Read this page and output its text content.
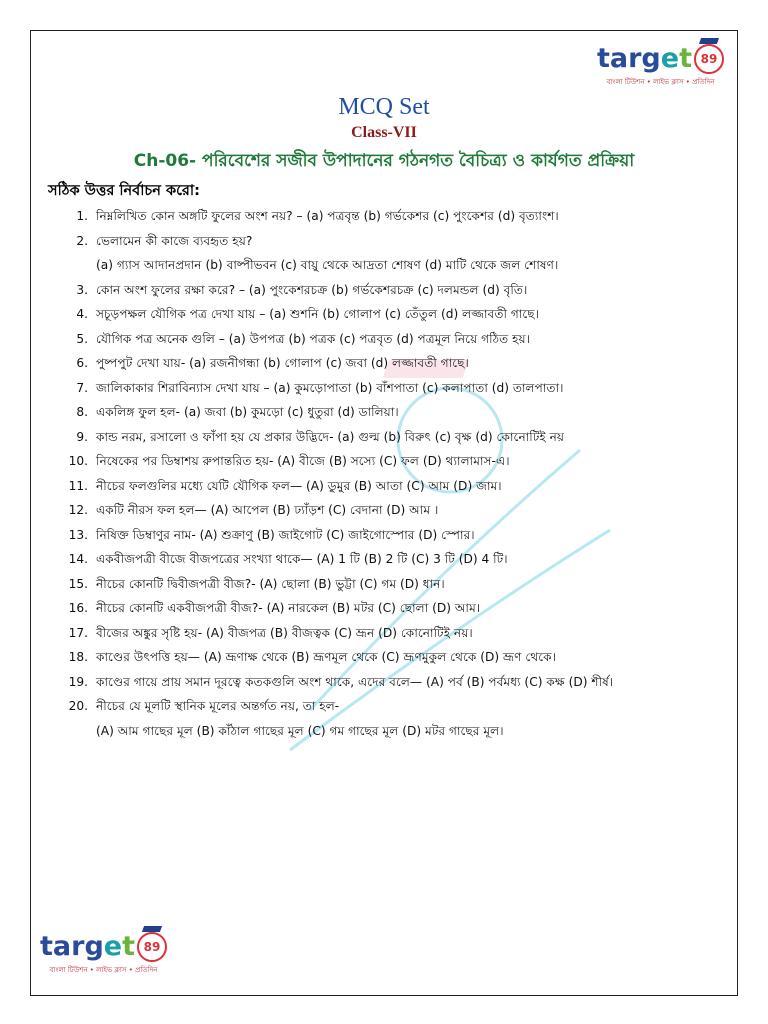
targ e t 89
বাংলা টিউশন • লাইভ ক্লাস • প্রতিদিন
MCQ Set
Class-VII
Ch-06- পরিবেশের সজীব উপাদানের গঠনগত বৈচিত্র্য ও কার্যগত প্রক্রিয়া
সঠিক উত্তর নির্বাচন করো:
1. নিম্নলিখিত কোন অঙ্গটি ফুলের অংশ নয়? – (a) পত্রবৃন্ত (b) গর্ভকেশর (c) পুংকেশর (d) বৃত্যাংশ।
2. ভেলামেন কী কাজে ব্যবহৃত হয়?
(a) গ্যাস আদানপ্রদান (b) বাষ্পীভবন (c) বায়ু থেকে আদ্রতা শোষণ (d) মাটি থেকে জল শোষণ।
3. কোন অংশ ফুলের রক্ষা করে? – (a) পুংকেশরচক্র (b) গর্ভকেশরচক্র (c) দলমন্ডল (d) বৃতি।
4. সচূড়পক্ষল যৌগিক পত্র দেখা যায় – (a) শুশনি (b) গোলাপ (c) তেঁতুল (d) লজ্জাবতী গাছে।
5. যৌগিক পত্র অনেক গুলি – (a) উপপত্র (b) পত্রক (c) পত্রবৃত (d) পত্রমূল নিয়ে গঠিত হয়।
6. পুষ্পপুট দেখা যায়- (a) রজনীগন্ধা (b) গোলাপ (c) জবা (d) লজ্জাবতী গাছে।
7. জালিকাকার শিরাবিন্যাস দেখা যায় – (a) কুমড়োপাতা (b) বাঁশপাতা (c) কলাপাতা (d) তালপাতা।
8. একলিঙ্গ ফুল হল- (a) জবা (b) কুমড়ো (c) ধুতুরা (d) ডালিয়া।
9. কান্ড নরম, রসালো ও ফাঁপা হয় যে প্রকার উদ্ভিদে- (a) গুল্ম (b) বিরুৎ (c) বৃক্ষ (d) কোনোটিই নয়
10. নিষেকের পর ডিম্বাশয় রুপান্তরিত হয়- (A) বীজে (B) সস্যে (C) ফল (D) থ্যালামাস-এ।
11. নীচের ফলগুলির মধ্যে যেটি যৌগিক ফল— (A) ডুমুর (B) আতা (C) আম (D) জাম।
12. একটি নীরস ফল হল— (A) আপেল (B) ঢ্যাঁড়শ (C) বেদানা (D) আম ।
13. নিষিক্ত ডিম্বাণুর নাম- (A) শুক্রাণু (B) জাইগোট (C) জাইগোস্পোর (D) স্পোর।
14. একবীজপত্রী বীজে বীজপত্রের সংখ্যা থাকে— (A) 1 টি (B) 2 টি (C) 3 টি (D) 4 টি।
15. নীচের কোনটি দ্বিবীজপত্রী বীজ?- (A) ছোলা (B) ভুট্টা (C) গম (D) ধান।
16. নীচের কোনটি একবীজপত্রী বীজ?- (A) নারকেল (B) মটর (C) ছোলা (D) আম।
17. বীজের অঙ্কুর সৃষ্টি হয়- (A) বীজপত্র (B) বীজত্বক (C) ভ্রূন (D) কোনোটিই নয়।
18. কাণ্ডের উৎপত্তি হয়— (A) ভ্রূণাক্ষ থেকে (B) ভ্রূণমূল থেকে (C) ভ্রূণমুকুল থেকে (D) ভ্রূণ থেকে।
19. কাণ্ডের গায়ে প্রায় সমান দূরত্বে কতকগুলি অংশ থাকে, এদের বলে— (A) পর্ব (B) পর্বমধ্য (C) কক্ষ (D) শীর্ষ।
20. নীচের যে মূলটি স্থানিক মূলের অন্তর্গত নয়, তা হল-
(A) আম গাছের মূল (B) কাঁঠাল গাছের মূল (C) গম গাছের মূল (D) মটর গাছের মূল।
targ e t 89
বাংলা টিউশন • লাইভ ক্লাস • প্রতিদিন
